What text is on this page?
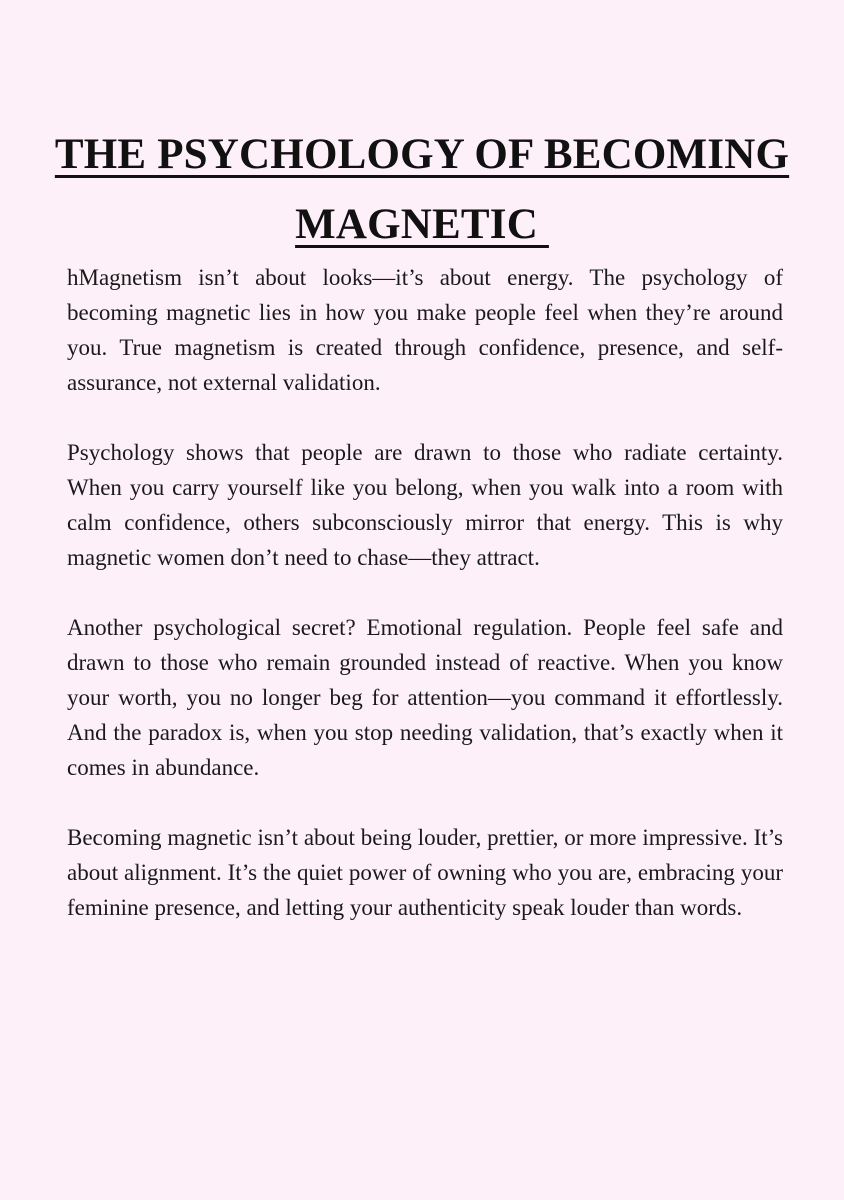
THE PSYCHOLOGY OF BECOMING
MAGNETIC

hMagnetism isn’t about looks—it’s about energy. The psychology of becoming magnetic lies in how you make people feel when they’re around you. True magnetism is created through confidence, presence, and self-assurance, not external validation.

Psychology shows that people are drawn to those who radiate certainty. When you carry yourself like you belong, when you walk into a room with calm confidence, others subconsciously mirror that energy. This is why magnetic women don’t need to chase—they attract.

Another psychological secret? Emotional regulation. People feel safe and drawn to those who remain grounded instead of reactive. When you know your worth, you no longer beg for attention—you command it effortlessly. And the paradox is, when you stop needing validation, that’s exactly when it comes in abundance.

Becoming magnetic isn’t about being louder, prettier, or more impressive. It’s about alignment. It’s the quiet power of owning who you are, embracing your feminine presence, and letting your authenticity speak louder than words.
